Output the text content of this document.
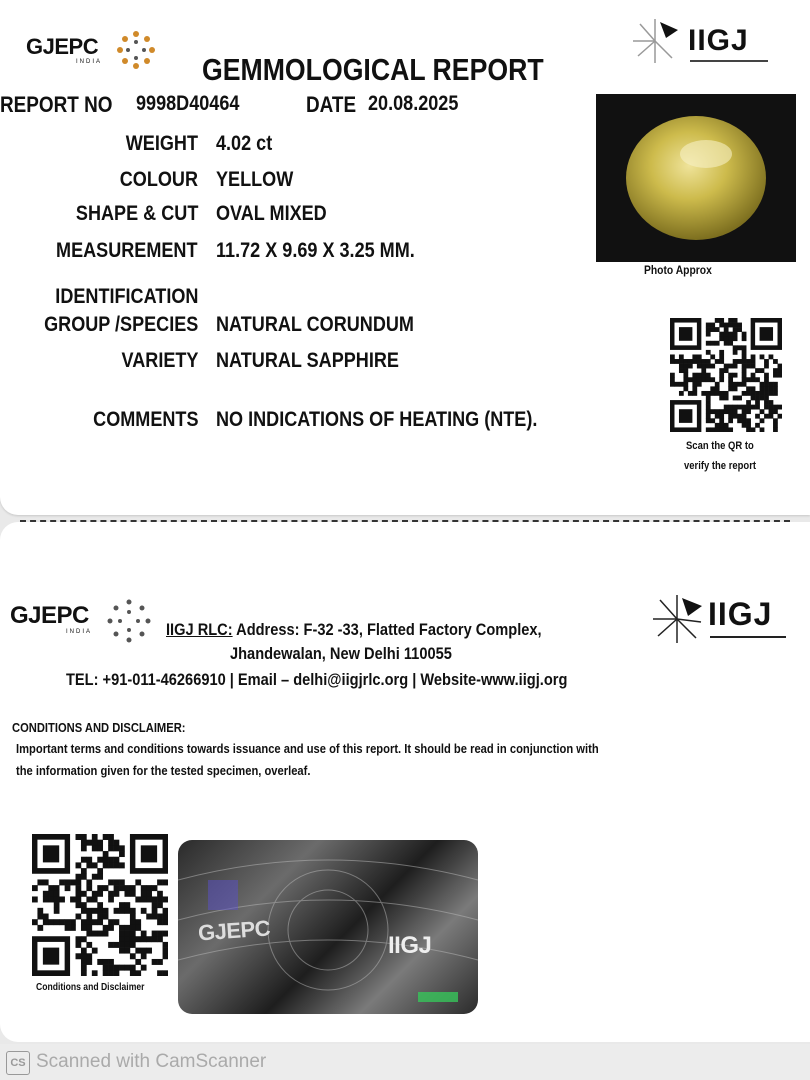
GJEPC
INDIA
IIGJ
GEMMOLOGICAL REPORT
REPORT NO	9998D40464	DATE 20.08.2025
WEIGHT 4.02 ct
COLOUR YELLOW
SHAPE & CUT OVAL MIXED
MEASUREMENT 11.72 X 9.69 X 3.25 MM.
IDENTIFICATION
GROUP /SPECIES NATURAL CORUNDUM
VARIETY NATURAL SAPPHIRE
COMMENTS NO INDICATIONS OF HEATING (NTE).
Photo Approx
Scan the QR to
verify the report
GJEPC
INDIA	IIGJ
IIGJ RLC: Address: F-32 -33, Flatted Factory Complex,
Jhandewalan, New Delhi 110055
TEL: +91-011-46266910 | Email – delhi@iigjrlc.org | Website-www.iigj.org
CONDITIONS AND DISCLAIMER:
Important terms and conditions towards issuance and use of this report. It should be read in conjunction with
the information given for the tested specimen, overleaf.
Conditions and Disclaimer
GJEPC
IIGJ
CS Scanned with CamScanner
